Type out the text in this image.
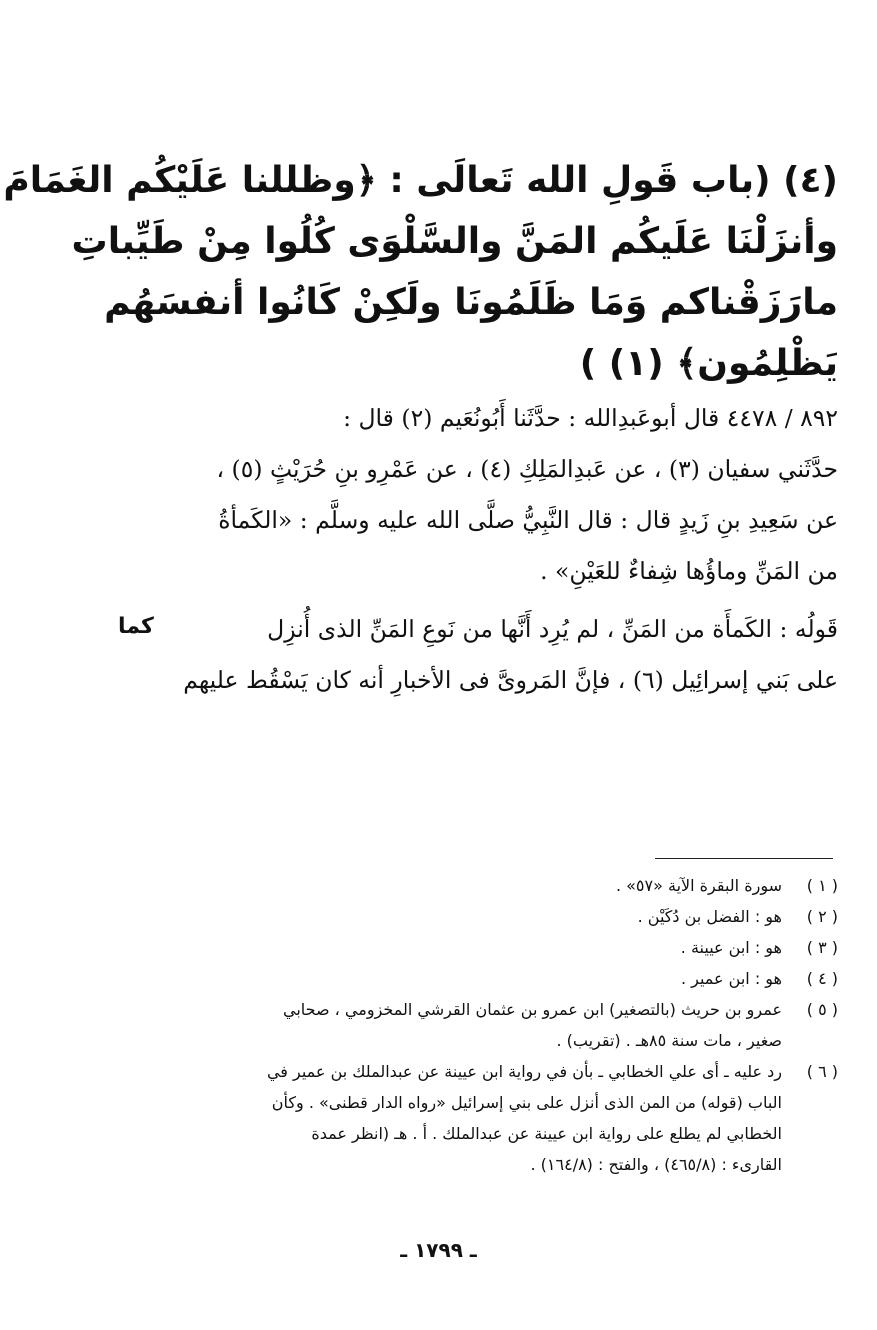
(٤) (باب قَولِ الله تَعالَى : ﴿وظللنا عَلَيْكُم الغَمَامَ
وأنزَلْنَا عَلَيكُم المَنَّ والسَّلْوَى كُلُوا مِنْ طَيِّباتِ
مارَزَقْناكم وَمَا ظَلَمُونَا ولَكِنْ كَانُوا أنفسَهُم
يَظْلِمُون﴾ (١) )
٨٩٢ / ٤٤٧٨ قال أبوعَبدِالله : حدَّثَنا أَبُونُعَيم (٢) قال :
حدَّثَني سفيان (٣) ، عن عَبدِالمَلِكِ (٤) ، عن عَمْرِو بنِ حُرَيْثٍ (٥) ،
عن سَعِيدِ بنِ زَيدٍ قال : قال النَّبِيُّ صلَّى الله عليه وسلَّم : «الكَمأةُ
من المَنِّ وماؤُها شِفاءٌ للعَيْنِ» .
قَولُه : الكَمأَة من المَنِّ ، لم يُرِد أَنَّها من نَوعِ المَنِّ الذى أُنزِل
على بَني إسرائِيل (٦) ، فإنَّ المَروىَّ فى الأخبارِ أنه كان يَسْقُط عليهم
كما
( ١ )
سورة البقرة الآية «٥٧» .
( ٢ )
هو : الفضل بن دُكَيْن .
( ٣ )
هو : ابن عيينة .
( ٤ )
هو : ابن عمير .
( ٥ )
عمرو بن حريث (بالتصغير) ابن عمرو بن عثمان القرشي المخزومي ، صحابي
صغير ، مات سنة ٨٥هـ . (تقريب) .
( ٦ )
رد عليه ـ أى علي الخطابي ـ بأن في رواية ابن عيينة عن عبدالملك بن عمير في
الباب (قوله) من المن الذى أنزل على بني إسرائيل «رواه الدار قطنى» . وكأن
الخطابي لم يطلع على رواية ابن عيينة عن عبدالملك . أ . هـ (انظر عمدة
القارىء : (٤٦٥/٨) ، والفتح : (١٦٤/٨) .
ـ ١٧٩٩ ـ
